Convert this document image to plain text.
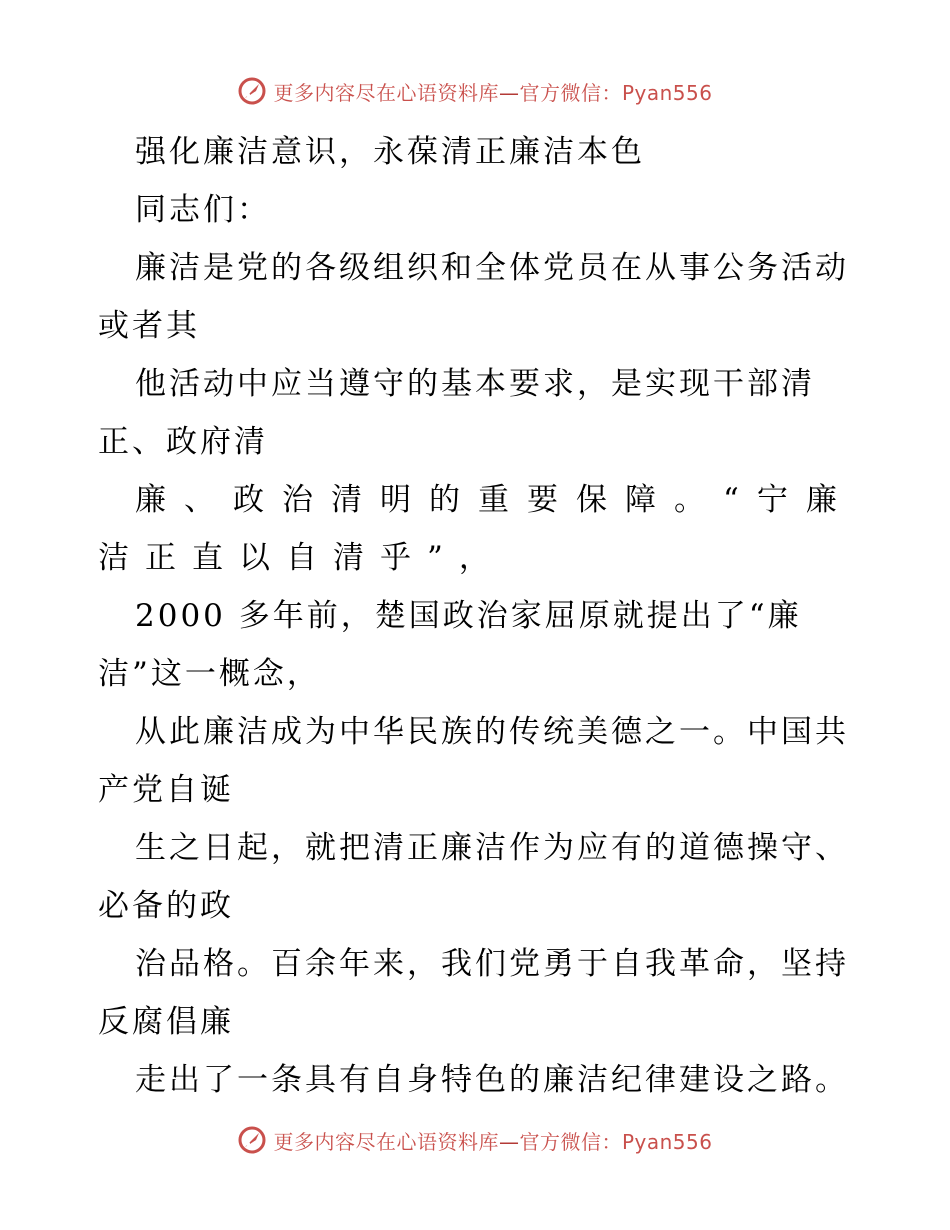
更多内容尽在心语资料库—官方微信：Pyan556
强化廉洁意识，永葆清正廉洁本色
同志们：
廉洁是党的各级组织和全体党员在从事公务活动
或者其
他活动中应当遵守的基本要求，是实现干部清
正、政府清
廉、政治清明的重要保障。“宁廉
洁正直以自清乎”，
2000 多年前，楚国政治家屈原就提出了“廉
洁”这一概念，
从此廉洁成为中华民族的传统美德之一。中国共
产党自诞
生之日起，就把清正廉洁作为应有的道德操守、
必备的政
治品格。百余年来，我们党勇于自我革命，坚持
反腐倡廉
走出了一条具有自身特色的廉洁纪律建设之路。
更多内容尽在心语资料库—官方微信：Pyan556
